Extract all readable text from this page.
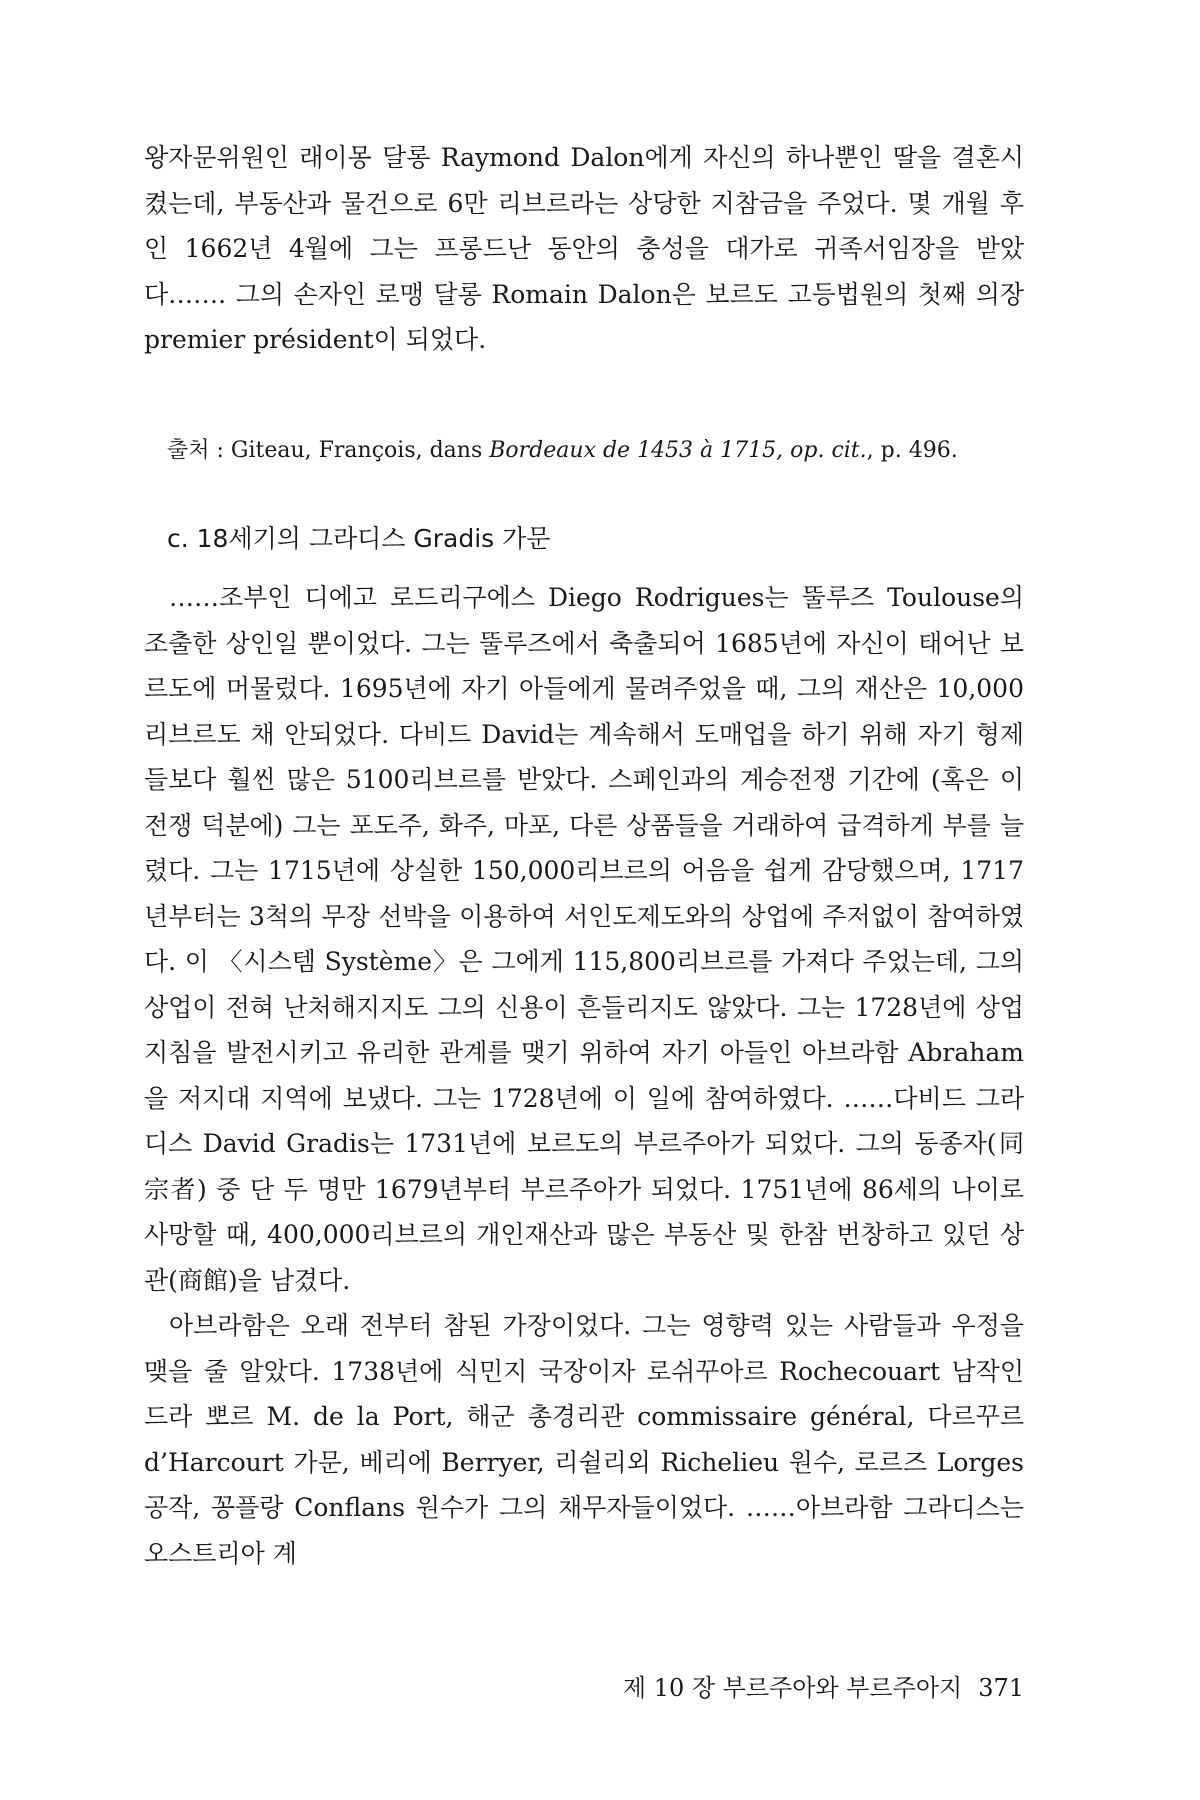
왕자문위원인 래이몽 달롱 Raymond Dalon에게 자신의 하나뿐인 딸을 결혼시켰는데, 부동산과 물건으로 6만 리브르라는 상당한 지참금을 주었다. 몇 개월 후인 1662년 4월에 그는 프롱드난 동안의 충성을 대가로 귀족서임장을 받았다……. 그의 손자인 로맹 달롱 Romain Dalon은 보르도 고등법원의 첫째 의장 premier président이 되었다.

출처 : Giteau, François, dans Bordeaux de 1453 à 1715, op. cit., p. 496.
c. 18세기의 그라디스 Gradis 가문

……조부인 디에고 로드리구에스 Diego Rodrigues는 뚤루즈 Toulouse의 조출한 상인일 뿐이었다. 그는 뚤루즈에서 축출되어 1685년에 자신이 태어난 보르도에 머물렀다. 1695년에 자기 아들에게 물려주었을 때, 그의 재산은 10,000리브르도 채 안되었다. 다비드 David는 계속해서 도매업을 하기 위해 자기 형제들보다 훨씬 많은 5100리브르를 받았다. 스페인과의 계승전쟁 기간에 (혹은 이 전쟁 덕분에) 그는 포도주, 화주, 마포, 다른 상품들을 거래하여 급격하게 부를 늘렸다. 그는 1715년에 상실한 150,000리브르의 어음을 쉽게 감당했으며, 1717년부터는 3척의 무장 선박을 이용하여 서인도제도와의 상업에 주저없이 참여하였다. 이 〈시스템 Système〉은 그에게 115,800리브르를 가져다 주었는데, 그의 상업이 전혀 난처해지지도 그의 신용이 흔들리지도 않았다. 그는 1728년에 상업지침을 발전시키고 유리한 관계를 맺기 위하여 자기 아들인 아브라함 Abraham을 저지대 지역에 보냈다. 그는 1728년에 이 일에 참여하였다. ……다비드 그라디스 David Gradis는 1731년에 보르도의 부르주아가 되었다. 그의 동종자(同宗者) 중 단 두 명만 1679년부터 부르주아가 되었다. 1751년에 86세의 나이로 사망할 때, 400,000리브르의 개인재산과 많은 부동산 및 한참 번창하고 있던 상관(商館)을 남겼다.

아브라함은 오래 전부터 참된 가장이었다. 그는 영향력 있는 사람들과 우정을 맺을 줄 알았다. 1738년에 식민지 국장이자 로쉬꾸아르 Rochecouart 남작인 드라 뽀르 M. de la Port, 해군 총경리관 commissaire général, 다르꾸르 d’Harcourt 가문, 베리에 Berryer, 리쉴리외 Richelieu 원수, 로르즈 Lorges 공작, 꽁플랑 Conflans 원수가 그의 채무자들이었다. ……아브라함 그라디스는 오스트리아 계

제 10 장 부르주아와 부르주아지 371
